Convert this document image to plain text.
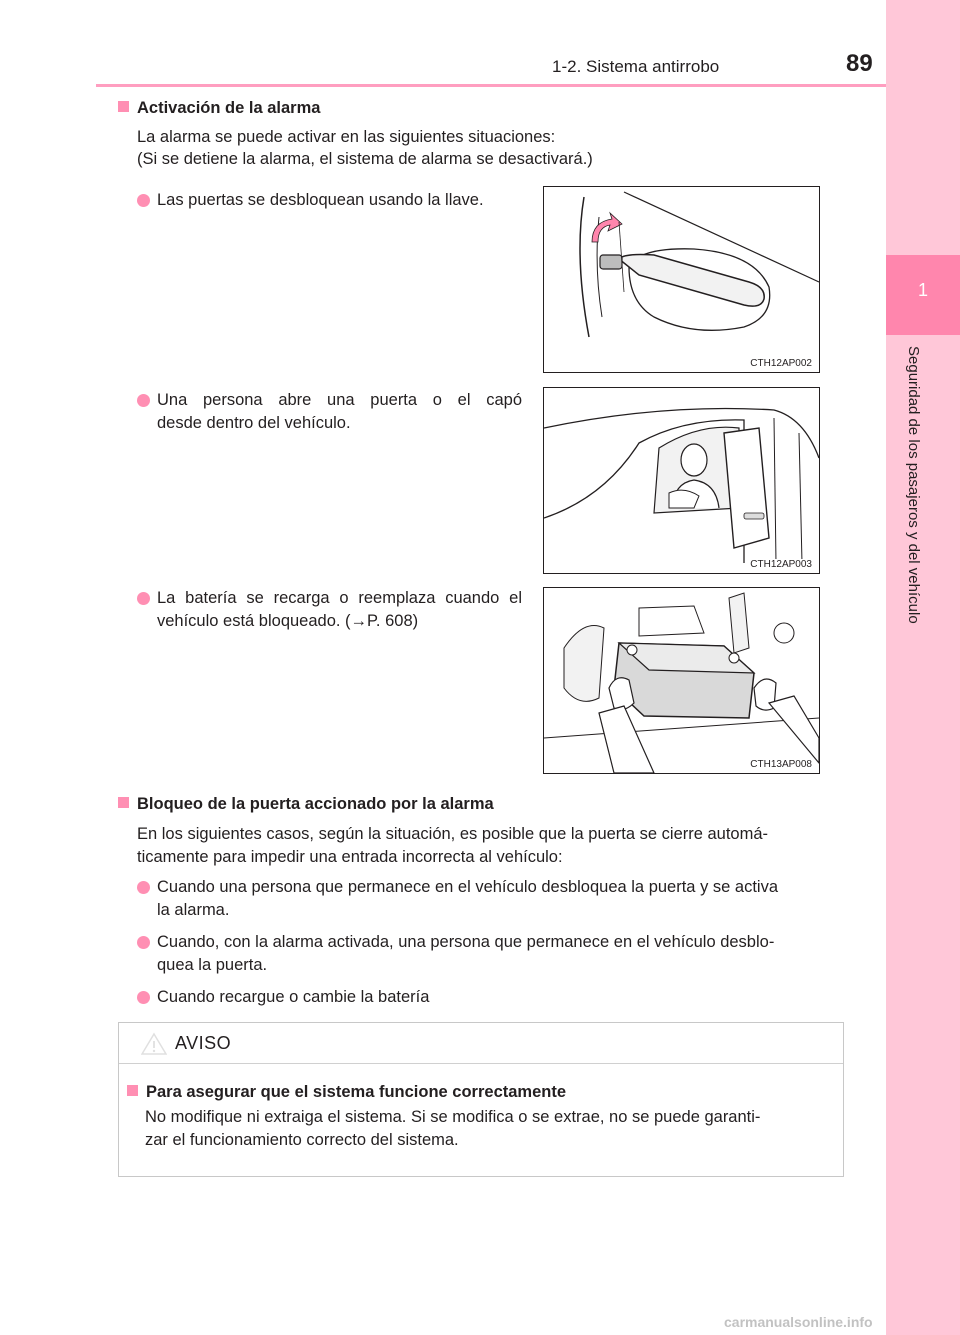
1-2. Sistema antirrobo	89
1
Seguridad de los pasajeros y del vehículo
Activación de la alarma
La alarma se puede activar en las siguientes situaciones:
(Si se detiene la alarma, el sistema de alarma se desactivará.)
Las puertas se desbloquean usando la llave.
CTH12AP002
Una persona abre una puerta o el capó
desde dentro del vehículo.
CTH12AP003
La batería se recarga o reemplaza cuando el
vehículo está bloqueado. (→P. 608)
CTH13AP008
Bloqueo de la puerta accionado por la alarma
En los siguientes casos, según la situación, es posible que la puerta se cierre automá-
ticamente para impedir una entrada incorrecta al vehículo:
Cuando una persona que permanece en el vehículo desbloquea la puerta y se activa
la alarma.
Cuando, con la alarma activada, una persona que permanece en el vehículo desblo-
quea la puerta.
Cuando recargue o cambie la batería
AVISO
Para asegurar que el sistema funcione correctamente
No modifique ni extraiga el sistema. Si se modifica o se extrae, no se puede garanti-
zar el funcionamiento correcto del sistema.
carmanualsonline.info
